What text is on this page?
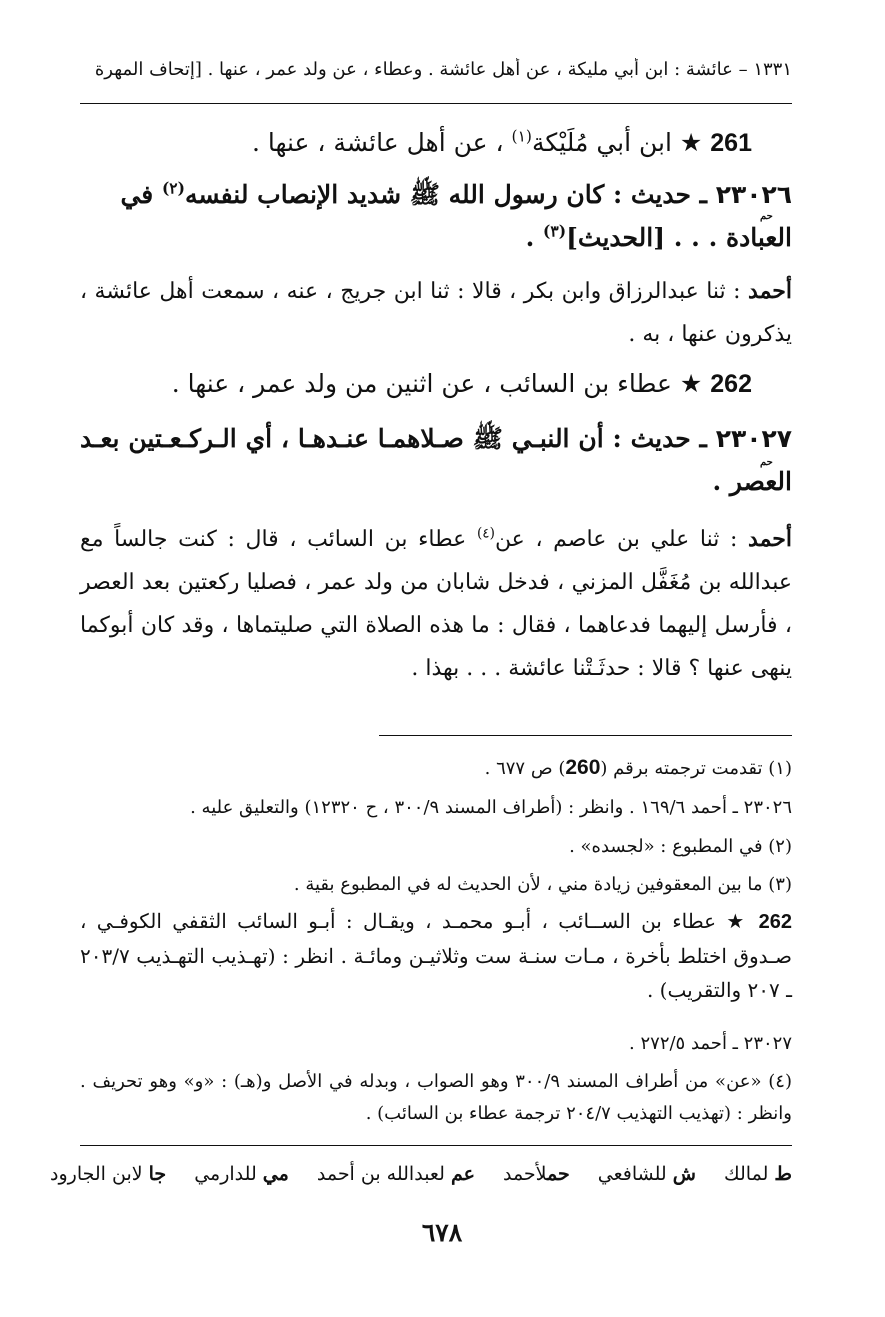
١٣٣١ – عائشة : ابن أبي مليكة ، عن أهل عائشة . وعطاء ، عن ولد عمر ، عنها . [إتحاف المهرة
261 ★ ابن أبي مُلَيْكة$^{(١)}$ ، عن أهل عائشة ، عنها .
٢٣٠٢٦ ـ حديث : كان رسول الله ﷺ شديد الإنصاب لنفسه$^{(٢)}$ في
العبادة . . . [الحديث]$^{(٣)}$ .
حم
أحمد : ثنا عبدالرزاق وابن بكر ، قالا : ثنا ابن جريج ، عنه ، سمعت أهل عائشة ، يذكرون عنها ، به .
262 ★ عطاء بن السائب ، عن اثنين من ولد عمر ، عنها .
٢٣٠٢٧ ـ حديث : أن النبـي ﷺ صـلاهمـا عنـدهـا ، أي الـركـعـتين بعـد العصر .
حم
أحمد : ثنا علي بن عاصم ، عن$^{(٤)}$ عطاء بن السائب ، قال : كنت جالساً مع عبدالله بن مُغَفَّل المزني ، فدخل شابان من ولد عمر ، فصليا ركعتين بعد العصر ، فأرسل إليهما فدعاهما ، فقال : ما هذه الصلاة التي صليتماها ، وقد كان أبوكما ينهى عنها ؟ قالا : حدثَـتْنا عائشة . . . بهذا .
(١) تقدمت ترجمته برقم (260) ص ٦٧٧ .
٢٣٠٢٦ ـ أحمد ١٦٩/٦ . وانظر : (أطراف المسند ٣٠٠/٩ ، ح ١٢٣٢٠) والتعليق عليه .
(٢) في المطبوع : «لجسده» .
(٣) ما بين المعقوفين زيادة مني ، لأن الحديث له في المطبوع بقية .
262 ★ عطاء بن الســائب ، أبـو محمـد ، ويقـال : أبـو السائب الثقفي الكوفـي ، صـدوق اختلط بأخرة ، مـات سنـة ست وثلاثيـن ومائـة . انظر : (تهـذيب التهـذيب ٢٠٣/٧ ـ ٢٠٧ والتقريب) .
٢٣٠٢٧ ـ أحمد ٢٧٢/٥ .
(٤) «عن» من أطراف المسند ٣٠٠/٩ وهو الصواب ، وبدله في الأصل و(هـ) : «و» وهو تحريف . وانظر : (تهذيب التهذيب ٢٠٤/٧ ترجمة عطاء بن السائب) .
ط لمالك ش للشافعي حملأحمد عم لعبدالله بن أحمد مي للدارمي جا لابن الجارود
٦٧٨
